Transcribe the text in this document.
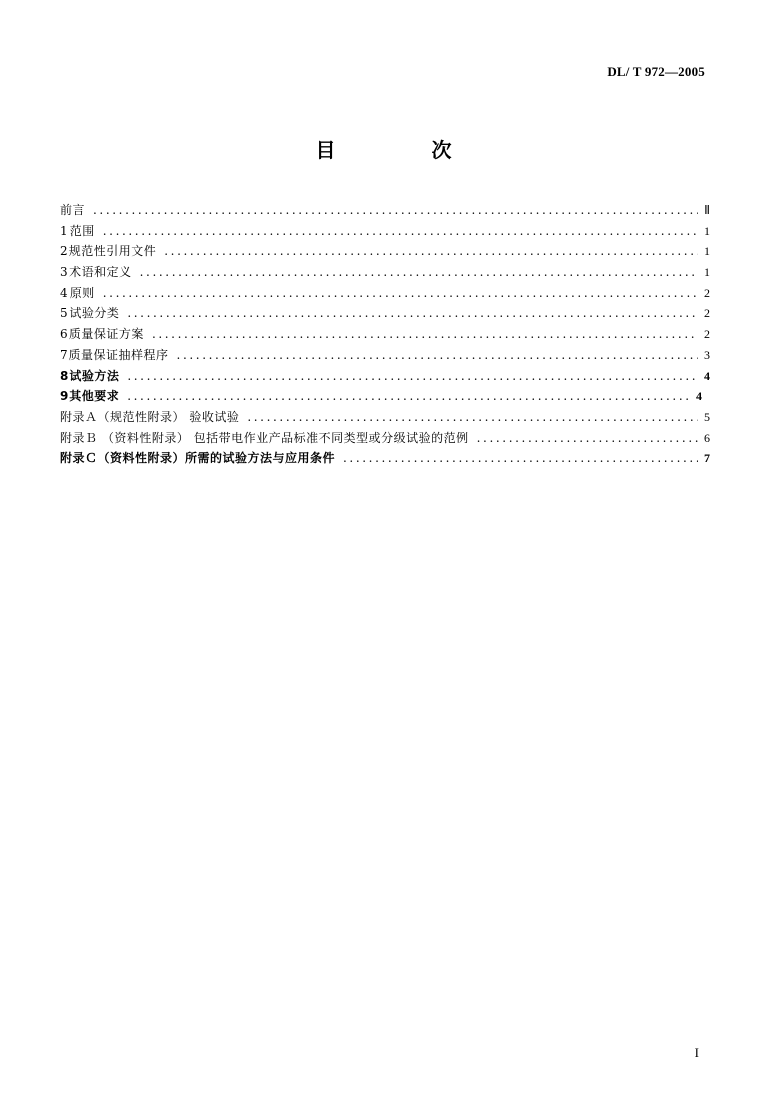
DL/ T 972—2005
目　次
前言 .....	Ⅱ
1 范围 .....	1
2 规范性引用文件 .....	1
3 术语和定义 .....	1
4 原则 .....	2
5 试验分类 .....	2
6 质量保证方案 .....	2
7 质量保证抽样程序 .....	3
8 试验方法 .....	4
9 其他要求 .....	4
附录Ａ（规范性附录） 验收试验 .....	5
附录Ｂ （资料性附录） 包括带电作业产品标准不同类型或分级试验的范例 .....	6
附录Ｃ（资料性附录）所需的试验方法与应用条件 .....	7
I
